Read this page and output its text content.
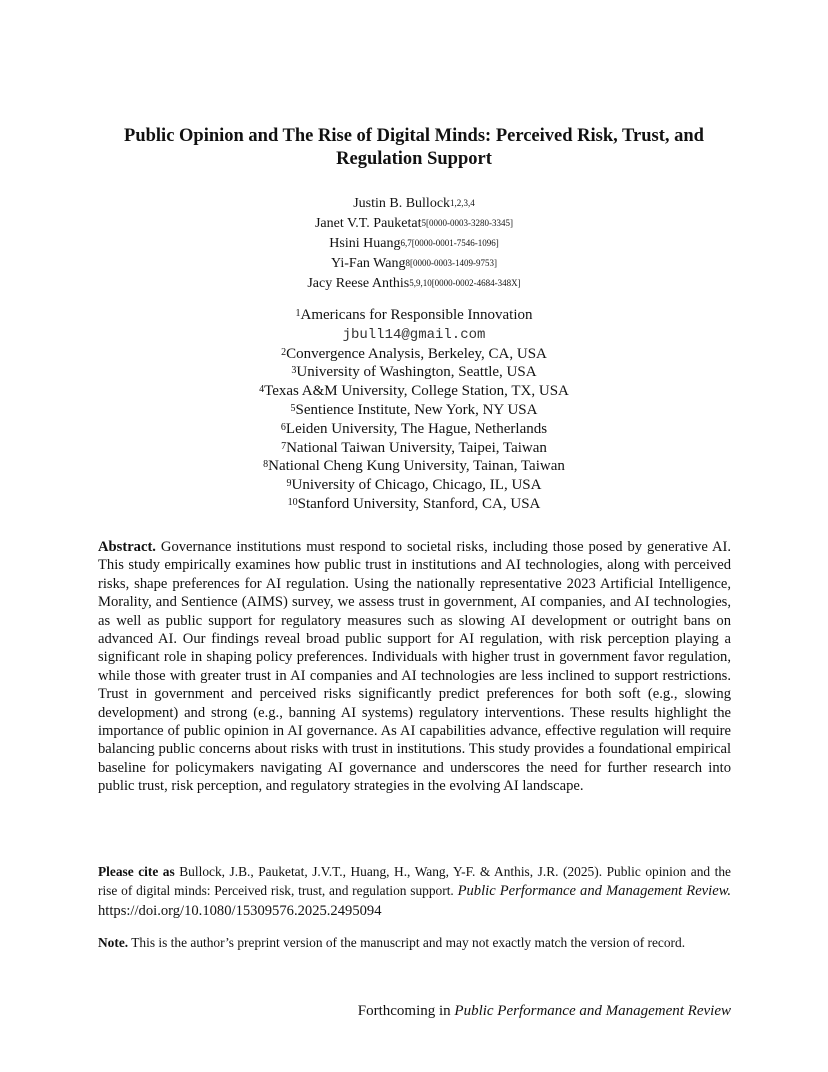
Public Opinion and The Rise of Digital Minds: Perceived Risk, Trust, and
Regulation Support
Justin B. Bullock$^{1,2,3,4}$
Janet V.T. Pauketat$^{5[0000-0003-3280-3345]}$
Hsini Huang$^{6,7[0000-0001-7546-1096]}$
Yi-Fan Wang$^{8[0000-0003-1409-9753]}$
Jacy Reese Anthis$^{5,9,10[0000-0002-4684-348X]}$
$^1$Americans for Responsible Innovation
jbull14@gmail.com
$^2$Convergence Analysis, Berkeley, CA, USA
$^3$University of Washington, Seattle, USA
$^4$Texas A&M University, College Station, TX, USA
$^5$Sentience Institute, New York, NY USA
$^6$Leiden University, The Hague, Netherlands
$^7$National Taiwan University, Taipei, Taiwan
$^8$National Cheng Kung University, Tainan, Taiwan
$^9$University of Chicago, Chicago, IL, USA
$^{10}$Stanford University, Stanford, CA, USA
Abstract. Governance institutions must respond to societal risks, including those posed by generative AI. This study empirically examines how public trust in institutions and AI technologies, along with perceived risks, shape preferences for AI regulation. Using the nationally representative 2023 Artificial Intelligence, Morality, and Sentience (AIMS) survey, we assess trust in government, AI companies, and AI technologies, as well as public support for regulatory measures such as slowing AI development or outright bans on advanced AI. Our findings reveal broad public support for AI regulation, with risk perception playing a significant role in shaping policy preferences. Individuals with higher trust in government favor regulation, while those with greater trust in AI companies and AI technologies are less inclined to support restrictions. Trust in government and perceived risks significantly predict preferences for both soft (e.g., slowing development) and strong (e.g., banning AI systems) regulatory interventions. These results highlight the importance of public opinion in AI governance. As AI capabilities advance, effective regulation will require balancing public concerns about risks with trust in institutions. This study provides a foundational empirical baseline for policymakers navigating AI governance and underscores the need for further research into public trust, risk perception, and regulatory strategies in the evolving AI landscape.
Please cite as Bullock, J.B., Pauketat, J.V.T., Huang, H., Wang, Y-F. & Anthis, J.R. (2025). Public opinion and the rise of digital minds: Perceived risk, trust, and regulation support. Public Performance and Management Review. https://doi.org/10.1080/15309576.2025.2495094
Note. This is the author’s preprint version of the manuscript and may not exactly match the version of record.
Forthcoming in Public Performance and Management Review
